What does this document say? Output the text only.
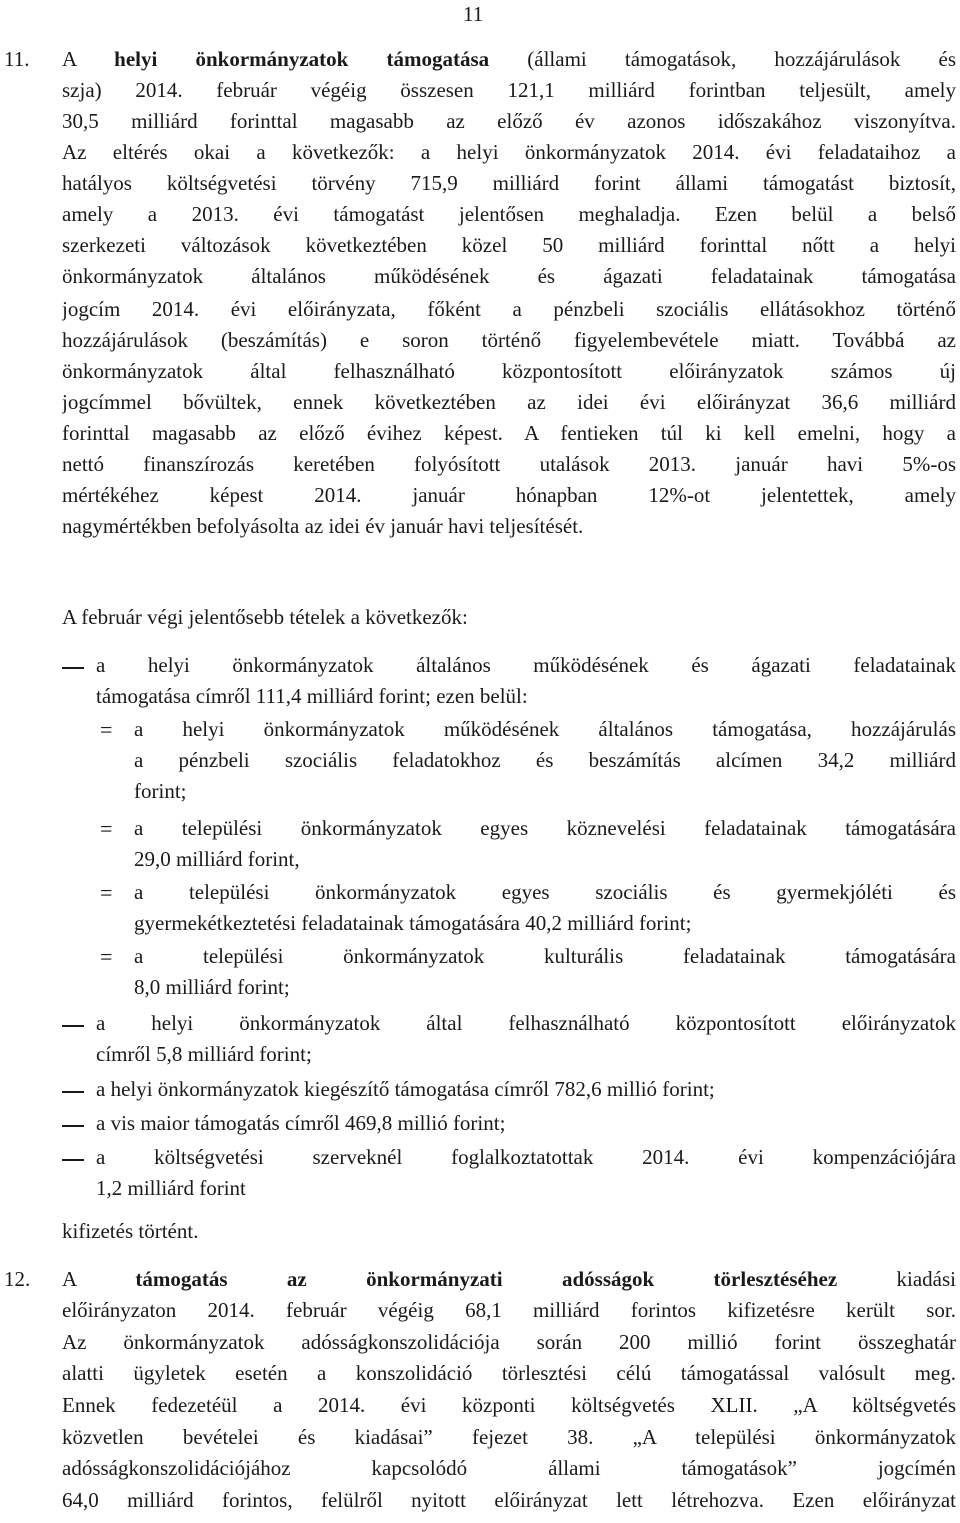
11
11. A helyi önkormányzatok támogatása (állami támogatások, hozzájárulások és
szja) 2014. február végéig összesen 121,1 milliárd forintban teljesült, amely
30,5 milliárd forinttal magasabb az előző év azonos időszakához viszonyítva.
Az eltérés okai a következők: a helyi önkormányzatok 2014. évi feladataihoz a
hatályos költségvetési törvény 715,9 milliárd forint állami támogatást biztosít,
amely a 2013. évi támogatást jelentősen meghaladja. Ezen belül a belső
szerkezeti változások következtében közel 50 milliárd forinttal nőtt a helyi
önkormányzatok általános működésének és ágazati feladatainak támogatása
jogcím 2014. évi előirányzata, főként a pénzbeli szociális ellátásokhoz történő
hozzájárulások (beszámítás) e soron történő figyelembevétele miatt. Továbbá az
önkormányzatok által felhasználható központosított előirányzatok számos új
jogcímmel bővültek, ennek következtében az idei évi előirányzat 36,6 milliárd
forinttal magasabb az előző évihez képest. A fentieken túl ki kell emelni, hogy a
nettó finanszírozás keretében folyósított utalások 2013. január havi 5%-os
mértékéhez képest 2014. január hónapban 12%-ot jelentettek, amely
nagymértékben befolyásolta az idei év január havi teljesítését.
A február végi jelentősebb tételek a következők:
a helyi önkormányzatok általános működésének és ágazati feladatainak
támogatása címről 111,4 milliárd forint; ezen belül:
= a helyi önkormányzatok működésének általános támogatása, hozzájárulás
a pénzbeli szociális feladatokhoz és beszámítás alcímen 34,2 milliárd
forint;
= a települési önkormányzatok egyes köznevelési feladatainak támogatására
29,0 milliárd forint,
= a települési önkormányzatok egyes szociális és gyermekjóléti és
gyermekétkeztetési feladatainak támogatására 40,2 milliárd forint;
= a települési önkormányzatok kulturális feladatainak támogatására
8,0 milliárd forint;
a helyi önkormányzatok által felhasználható központosított előirányzatok
címről 5,8 milliárd forint;
a helyi önkormányzatok kiegészítő támogatása címről 782,6 millió forint;
a vis maior támogatás címről 469,8 millió forint;
a költségvetési szerveknél foglalkoztatottak 2014. évi kompenzációjára
1,2 milliárd forint
kifizetés történt.
12. A támogatás az önkormányzati adósságok törlesztéséhez kiadási
előirányzaton 2014. február végéig 68,1 milliárd forintos kifizetésre került sor.
Az önkormányzatok adósságkonszolidációja során 200 millió forint összeghatár
alatti ügyletek esetén a konszolidáció törlesztési célú támogatással valósult meg.
Ennek fedezetéül a 2014. évi központi költségvetés XLII. „A költségvetés
közvetlen bevételei és kiadásai” fejezet 38. „A települési önkormányzatok
adósságkonszolidációjához kapcsolódó állami támogatások” jogcímén
64,0 milliárd forintos, felülről nyitott előirányzat lett létrehozva. Ezen előirányzat
